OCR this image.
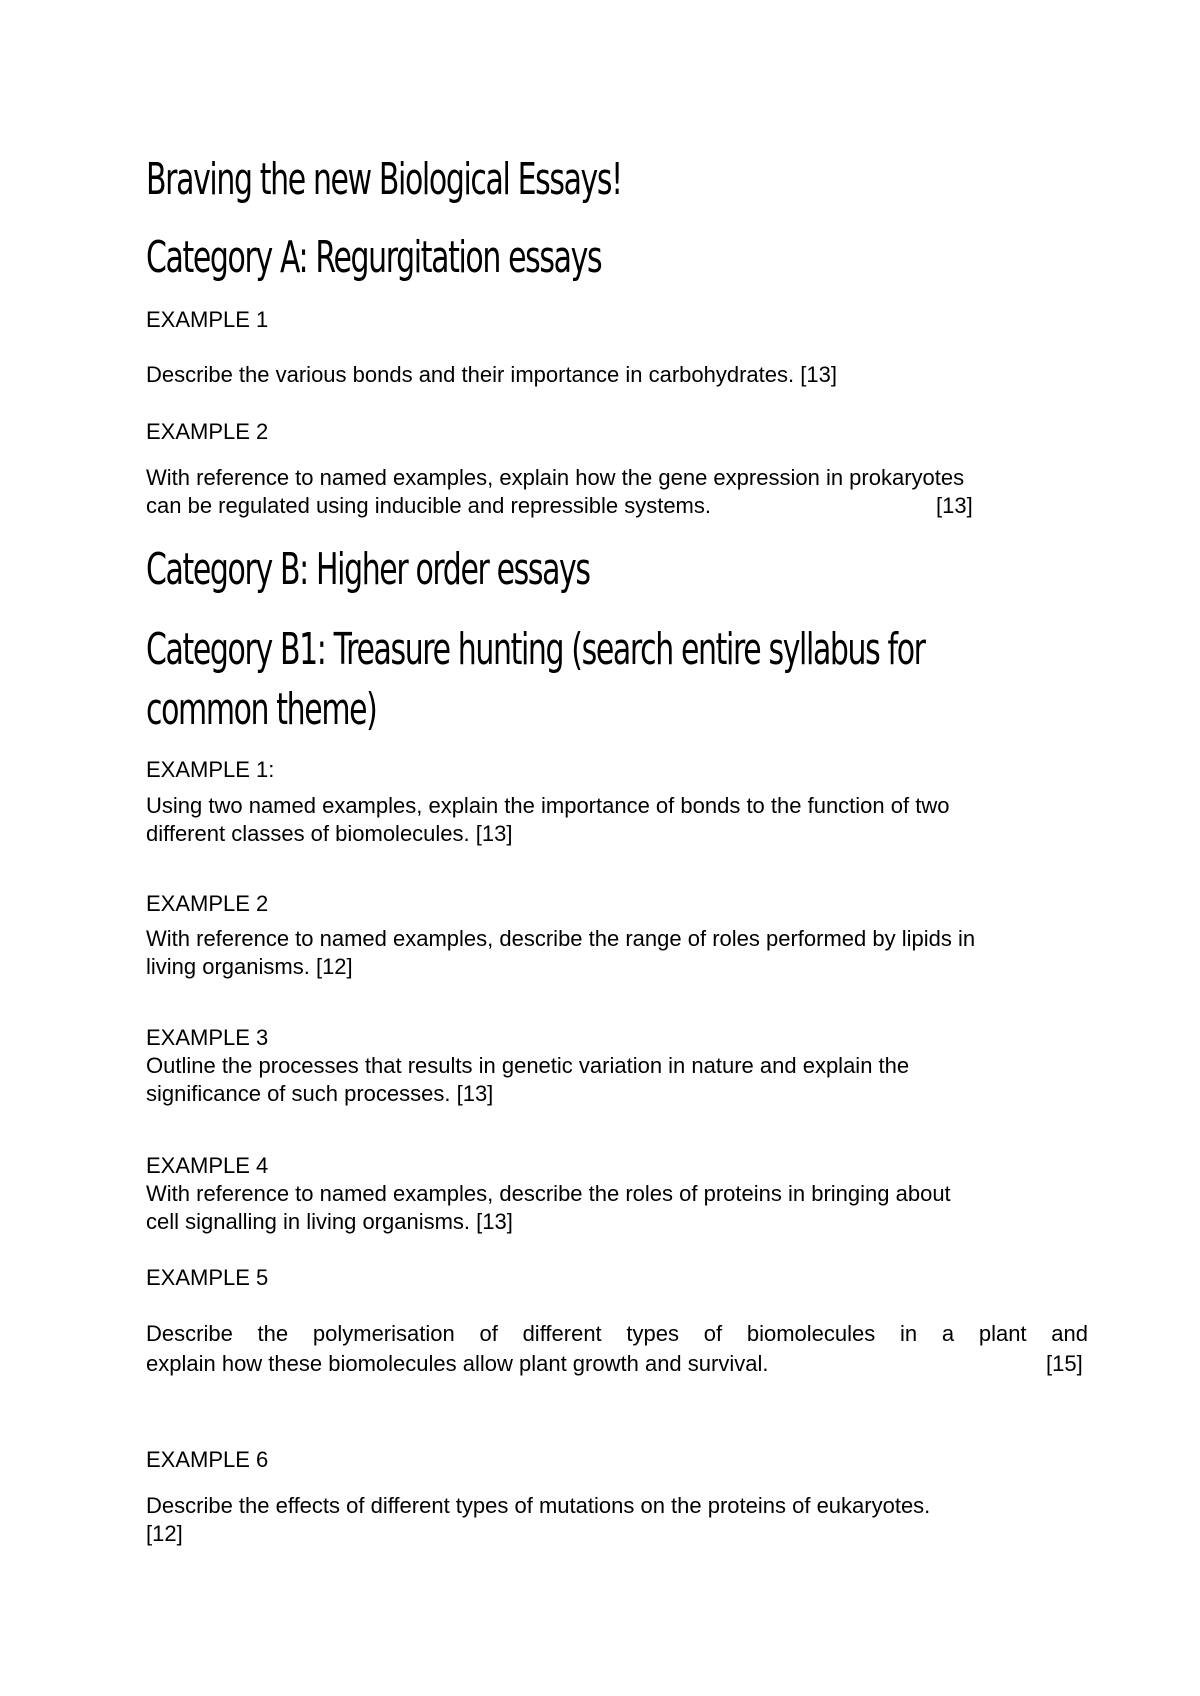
Braving the new Biological Essays!
Category A: Regurgitation essays
EXAMPLE 1
Describe the various bonds and their importance in carbohydrates. [13]
EXAMPLE 2
With reference to named examples, explain how the gene expression in prokaryotes
can be regulated using inducible and repressible systems.	[13]
Category B: Higher order essays
Category B1: Treasure hunting (search entire syllabus for
common theme)
EXAMPLE 1:
Using two named examples, explain the importance of bonds to the function of two
different classes of biomolecules. [13]
EXAMPLE 2
With reference to named examples, describe the range of roles performed by lipids in
living organisms. [12]
EXAMPLE 3
Outline the processes that results in genetic variation in nature and explain the
significance of such processes. [13]
EXAMPLE 4
With reference to named examples, describe the roles of proteins in bringing about
cell signalling in living organisms. [13]
EXAMPLE 5
Describe the polymerisation of different types of biomolecules in a plant and
explain how these biomolecules allow plant growth and survival.	[15]
EXAMPLE 6
Describe the effects of different types of mutations on the proteins of eukaryotes.
[12]
